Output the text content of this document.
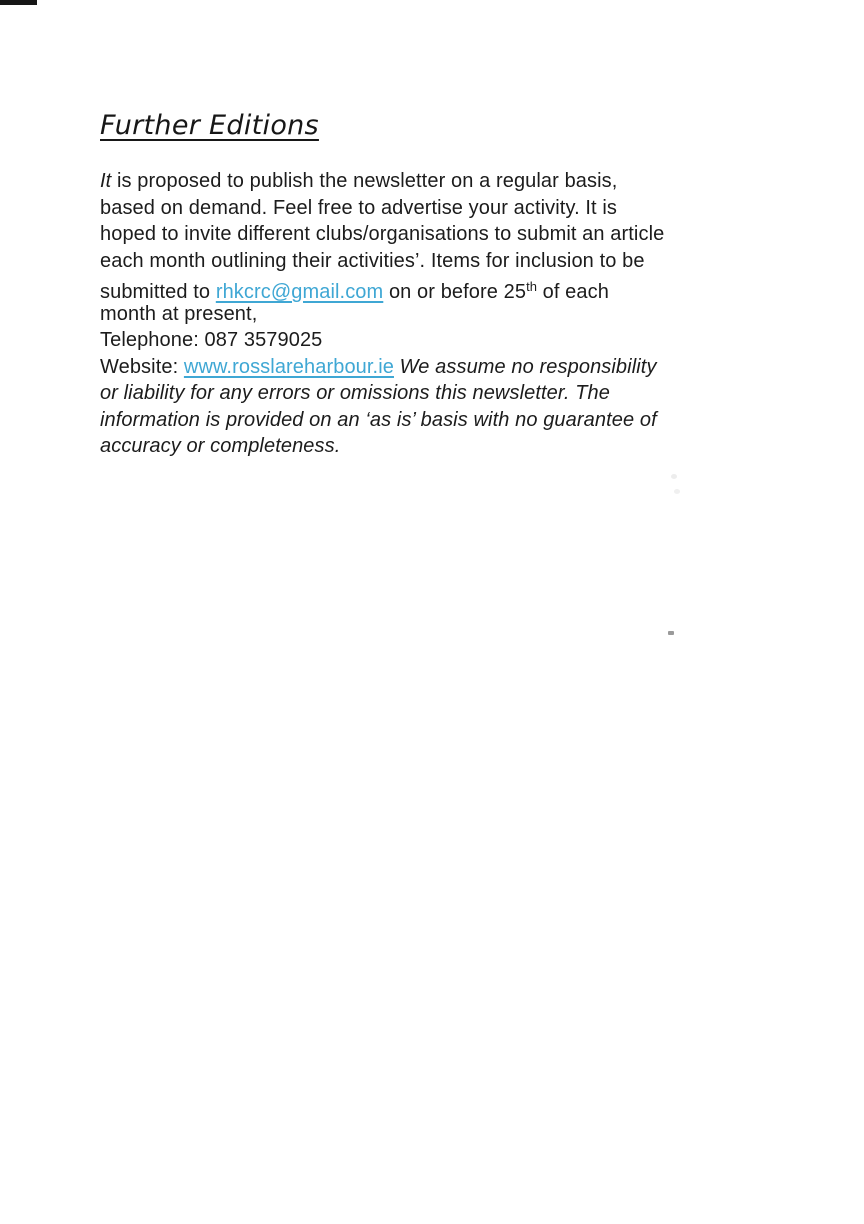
Further Editions
It is proposed to publish the newsletter on a regular basis,
based on demand. Feel free to advertise your activity. It is
hoped to invite different clubs/organisations to submit an article
each month outlining their activities’. Items for inclusion to be
submitted to rhkcrc@gmail.com on or before 25th of each
month at present,
Telephone: 087 3579025
Website: www.rosslareharbour.ie We assume no responsibility
or liability for any errors or omissions this newsletter. The
information is provided on an ‘as is’ basis with no guarantee of
accuracy or completeness.
